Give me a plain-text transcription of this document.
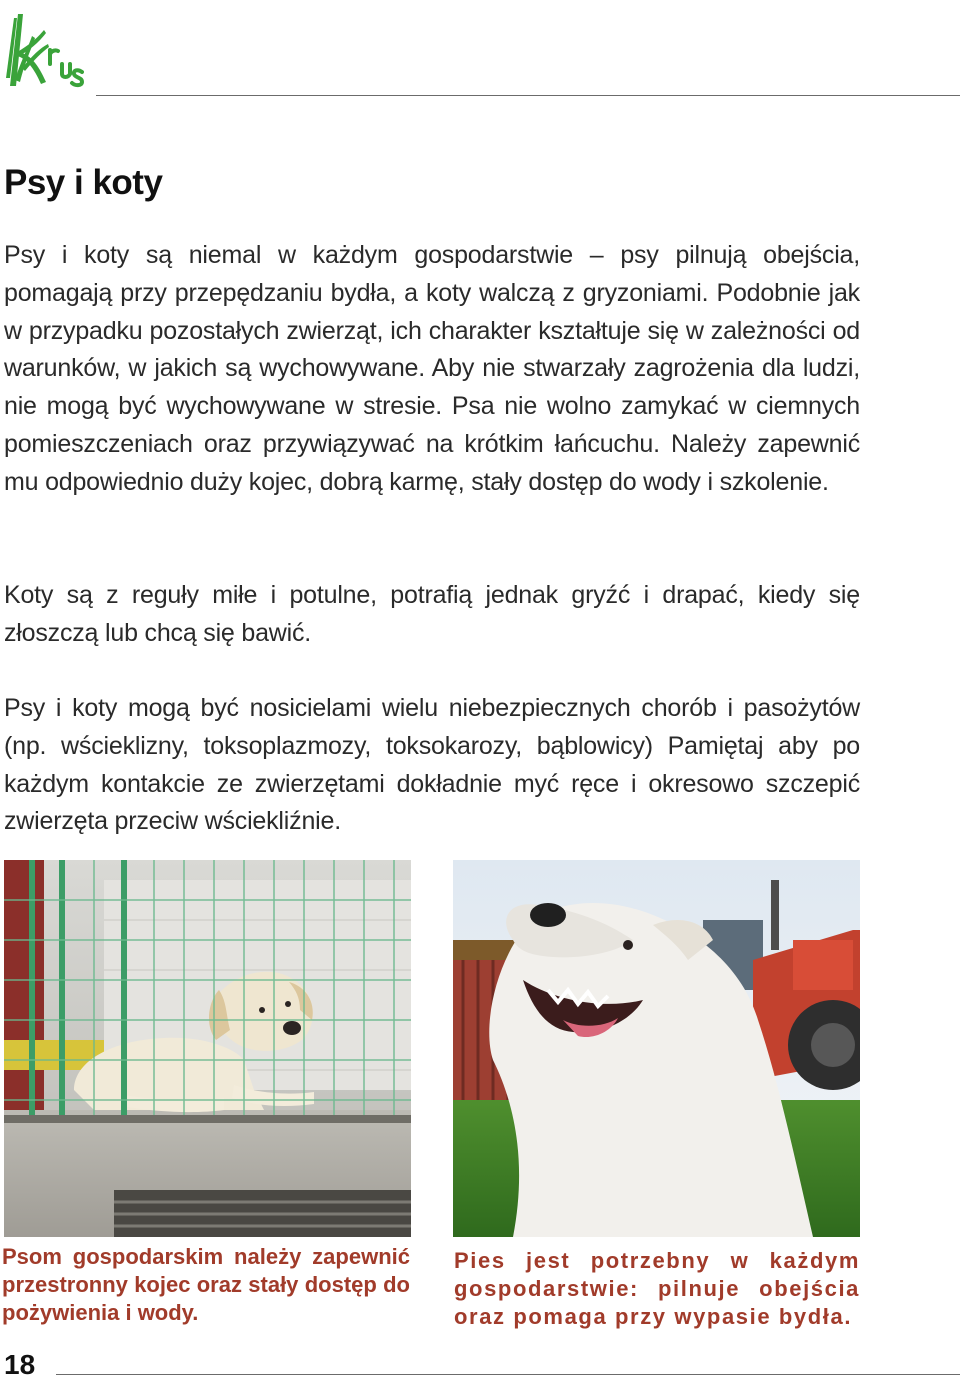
Psy i koty

Psy i koty są niemal w każdym gospodarstwie – psy pilnują obejścia, pomagają przy przepędzaniu bydła, a koty walczą z gryzoniami. Podobnie jak w przypadku pozostałych zwierząt, ich charakter kształtuje się w zależności od warunków, w jakich są wychowywane. Aby nie stwarzały zagrożenia dla ludzi, nie mogą być wychowywane w stresie. Psa nie wolno zamykać w ciemnych pomieszczeniach oraz przywiązywać na krótkim łańcuchu. Należy zapewnić mu odpowiednio duży kojec, dobrą karmę, stały dostęp do wody i szkolenie.

Koty są z reguły miłe i potulne, potrafią jednak gryźć i drapać, kiedy się złoszczą lub chcą się bawić.

Psy i koty mogą być nosicielami wielu niebezpiecznych chorób i pasożytów (np. wścieklizny, toksoplazmozy, toksokarozy, bąblowicy) Pamiętaj aby po każdym kontakcie ze zwierzętami dokładnie myć ręce i okresowo szczepić zwierzęta przeciw wściekliźnie.

Psom gospodarskim należy zapewnić przestronny kojec oraz stały dostęp do pożywienia i wody.

Pies jest potrzebny w każdym gospodarstwie: pilnuje obejścia oraz pomaga przy wypasie bydła.

18
